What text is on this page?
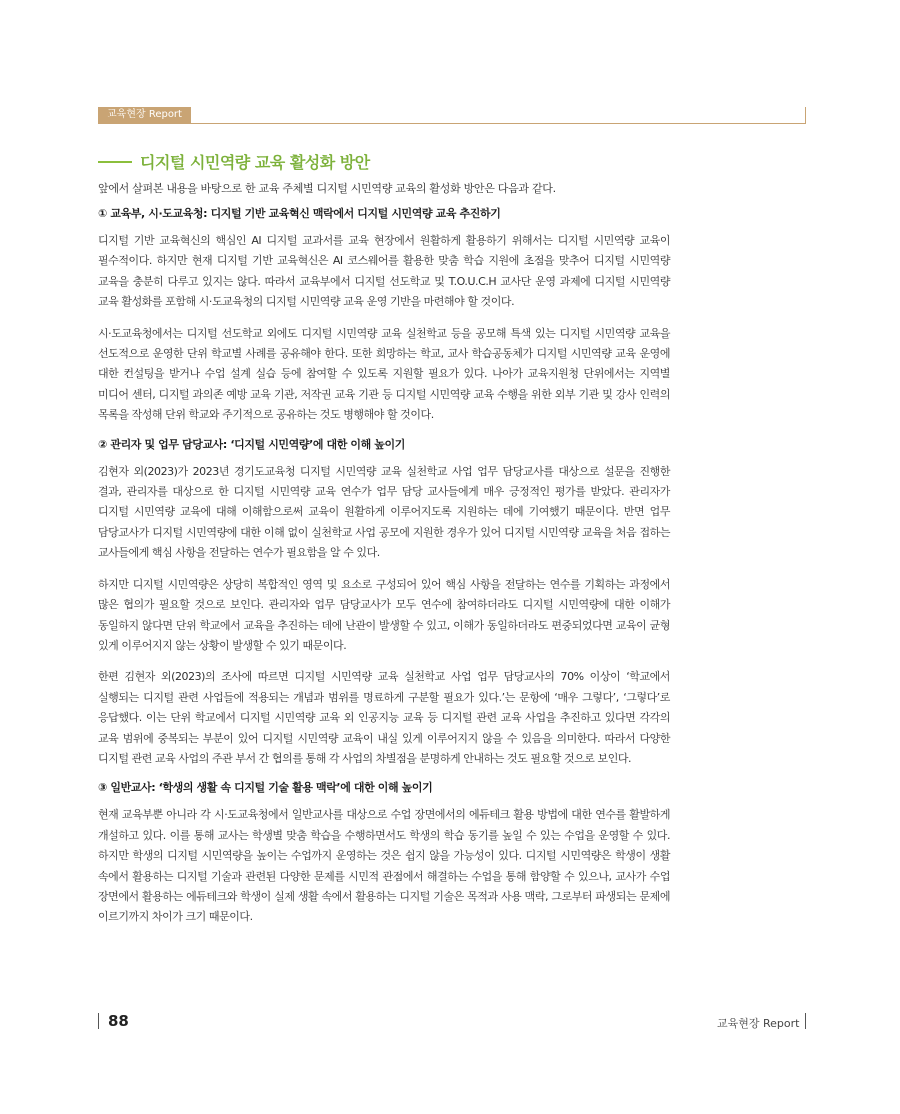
교육현장 Report
디지털 시민역량 교육 활성화 방안

앞에서 살펴본 내용을 바탕으로 한 교육 주체별 디지털 시민역량 교육의 활성화 방안은 다음과 같다.

① 교육부, 시·도교육청: 디지털 기반 교육혁신 맥락에서 디지털 시민역량 교육 추진하기

디지털 기반 교육혁신의 핵심인 AI 디지털 교과서를 교육 현장에서 원활하게 활용하기 위해서는 디지털 시민역량 교육이 필수적이다. 하지만 현재 디지털 기반 교육혁신은 AI 코스웨어를 활용한 맞춤 학습 지원에 초점을 맞추어 디지털 시민역량 교육을 충분히 다루고 있지는 않다. 따라서 교육부에서 디지털 선도학교 및 T.O.U.C.H 교사단 운영 과제에 디지털 시민역량 교육 활성화를 포함해 시·도교육청의 디지털 시민역량 교육 운영 기반을 마련해야 할 것이다.

시·도교육청에서는 디지털 선도학교 외에도 디지털 시민역량 교육 실천학교 등을 공모해 특색 있는 디지털 시민역량 교육을 선도적으로 운영한 단위 학교별 사례를 공유해야 한다. 또한 희망하는 학교, 교사 학습공동체가 디지털 시민역량 교육 운영에 대한 컨설팅을 받거나 수업 설계 실습 등에 참여할 수 있도록 지원할 필요가 있다. 나아가 교육지원청 단위에서는 지역별 미디어 센터, 디지털 과의존 예방 교육 기관, 저작권 교육 기관 등 디지털 시민역량 교육 수행을 위한 외부 기관 및 강사 인력의 목록을 작성해 단위 학교와 주기적으로 공유하는 것도 병행해야 할 것이다.

② 관리자 및 업무 담당교사: ‘디지털 시민역량’에 대한 이해 높이기

김현자 외(2023)가 2023년 경기도교육청 디지털 시민역량 교육 실천학교 사업 업무 담당교사를 대상으로 설문을 진행한 결과, 관리자를 대상으로 한 디지털 시민역량 교육 연수가 업무 담당 교사들에게 매우 긍정적인 평가를 받았다. 관리자가 디지털 시민역량 교육에 대해 이해함으로써 교육이 원활하게 이루어지도록 지원하는 데에 기여했기 때문이다. 반면 업무 담당교사가 디지털 시민역량에 대한 이해 없이 실천학교 사업 공모에 지원한 경우가 있어 디지털 시민역량 교육을 처음 접하는 교사들에게 핵심 사항을 전달하는 연수가 필요함을 알 수 있다.

하지만 디지털 시민역량은 상당히 복합적인 영역 및 요소로 구성되어 있어 핵심 사항을 전달하는 연수를 기획하는 과정에서 많은 협의가 필요할 것으로 보인다. 관리자와 업무 담당교사가 모두 연수에 참여하더라도 디지털 시민역량에 대한 이해가 동일하지 않다면 단위 학교에서 교육을 추진하는 데에 난관이 발생할 수 있고, 이해가 동일하더라도 편중되었다면 교육이 균형 있게 이루어지지 않는 상황이 발생할 수 있기 때문이다.

한편 김현자 외(2023)의 조사에 따르면 디지털 시민역량 교육 실천학교 사업 업무 담당교사의 70% 이상이 ‘학교에서 실행되는 디지털 관련 사업들에 적용되는 개념과 범위를 명료하게 구분할 필요가 있다.’는 문항에 ‘매우 그렇다’, ‘그렇다’로 응답했다. 이는 단위 학교에서 디지털 시민역량 교육 외 인공지능 교육 등 디지털 관련 교육 사업을 추진하고 있다면 각각의 교육 범위에 중복되는 부분이 있어 디지털 시민역량 교육이 내실 있게 이루어지지 않을 수 있음을 의미한다. 따라서 다양한 디지털 관련 교육 사업의 주관 부서 간 협의를 통해 각 사업의 차별점을 분명하게 안내하는 것도 필요할 것으로 보인다.

③ 일반교사: ‘학생의 생활 속 디지털 기술 활용 맥락’에 대한 이해 높이기

현재 교육부뿐 아니라 각 시·도교육청에서 일반교사를 대상으로 수업 장면에서의 에듀테크 활용 방법에 대한 연수를 활발하게 개설하고 있다. 이를 통해 교사는 학생별 맞춤 학습을 수행하면서도 학생의 학습 동기를 높일 수 있는 수업을 운영할 수 있다. 하지만 학생의 디지털 시민역량을 높이는 수업까지 운영하는 것은 쉽지 않을 가능성이 있다. 디지털 시민역량은 학생이 생활 속에서 활용하는 디지털 기술과 관련된 다양한 문제를 시민적 관점에서 해결하는 수업을 통해 함양할 수 있으나, 교사가 수업 장면에서 활용하는 에듀테크와 학생이 실제 생활 속에서 활용하는 디지털 기술은 목적과 사용 맥락, 그로부터 파생되는 문제에 이르기까지 차이가 크기 때문이다.

88	교육현장 Report
